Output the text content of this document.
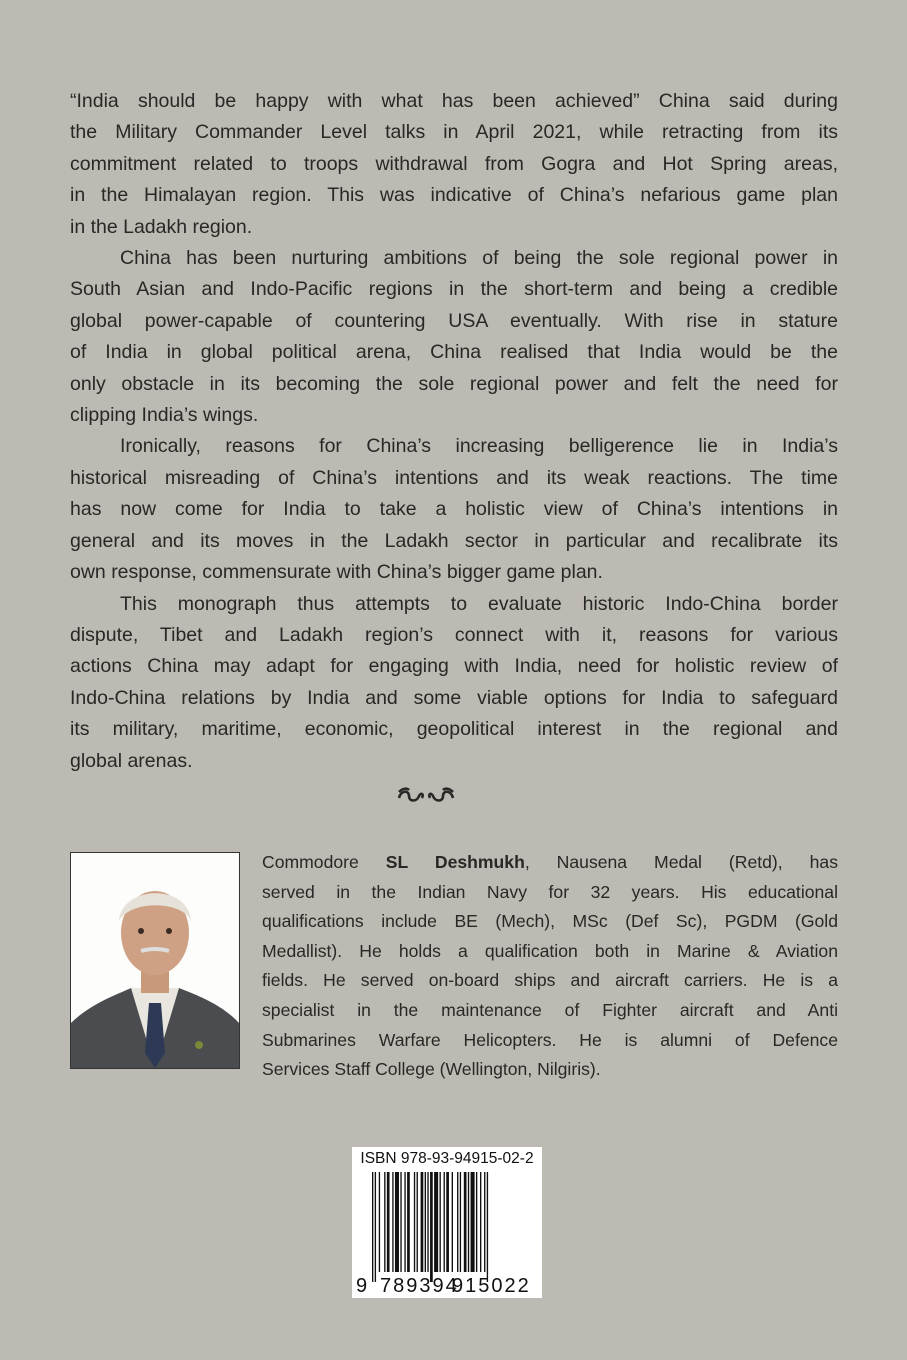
“India should be happy with what has been achieved” China said during
the Military Commander Level talks in April 2021, while retracting from its
commitment related to troops withdrawal from Gogra and Hot Spring areas,
in the Himalayan region. This was indicative of China’s nefarious game plan
in the Ladakh region.
China has been nurturing ambitions of being the sole regional power in
South Asian and Indo-Pacific regions in the short-term and being a credible
global power-capable of countering USA eventually. With rise in stature
of India in global political arena, China realised that India would be the
only obstacle in its becoming the sole regional power and felt the need for
clipping India’s wings.
Ironically, reasons for China’s increasing belligerence lie in India’s
historical misreading of China’s intentions and its weak reactions. The time
has now come for India to take a holistic view of China’s intentions in
general and its moves in the Ladakh sector in particular and recalibrate its
own response, commensurate with China’s bigger game plan.
This monograph thus attempts to evaluate historic Indo-China border
dispute, Tibet and Ladakh region’s connect with it, reasons for various
actions China may adapt for engaging with India, need for holistic review of
Indo-China relations by India and some viable options for India to safeguard
its military, maritime, economic, geopolitical interest in the regional and
global arenas.
Commodore SL Deshmukh, Nausena Medal (Retd), has
served in the Indian Navy for 32 years. His educational
qualifications include BE (Mech), MSc (Def Sc), PGDM (Gold
Medallist). He holds a qualification both in Marine & Aviation
fields. He served on-board ships and aircraft carriers. He is a
specialist in the maintenance of Fighter aircraft and Anti
Submarines Warfare Helicopters. He is alumni of Defence
Services Staff College (Wellington, Nilgiris).
ISBN 978-93-94915-02-2
9 789394
915022
